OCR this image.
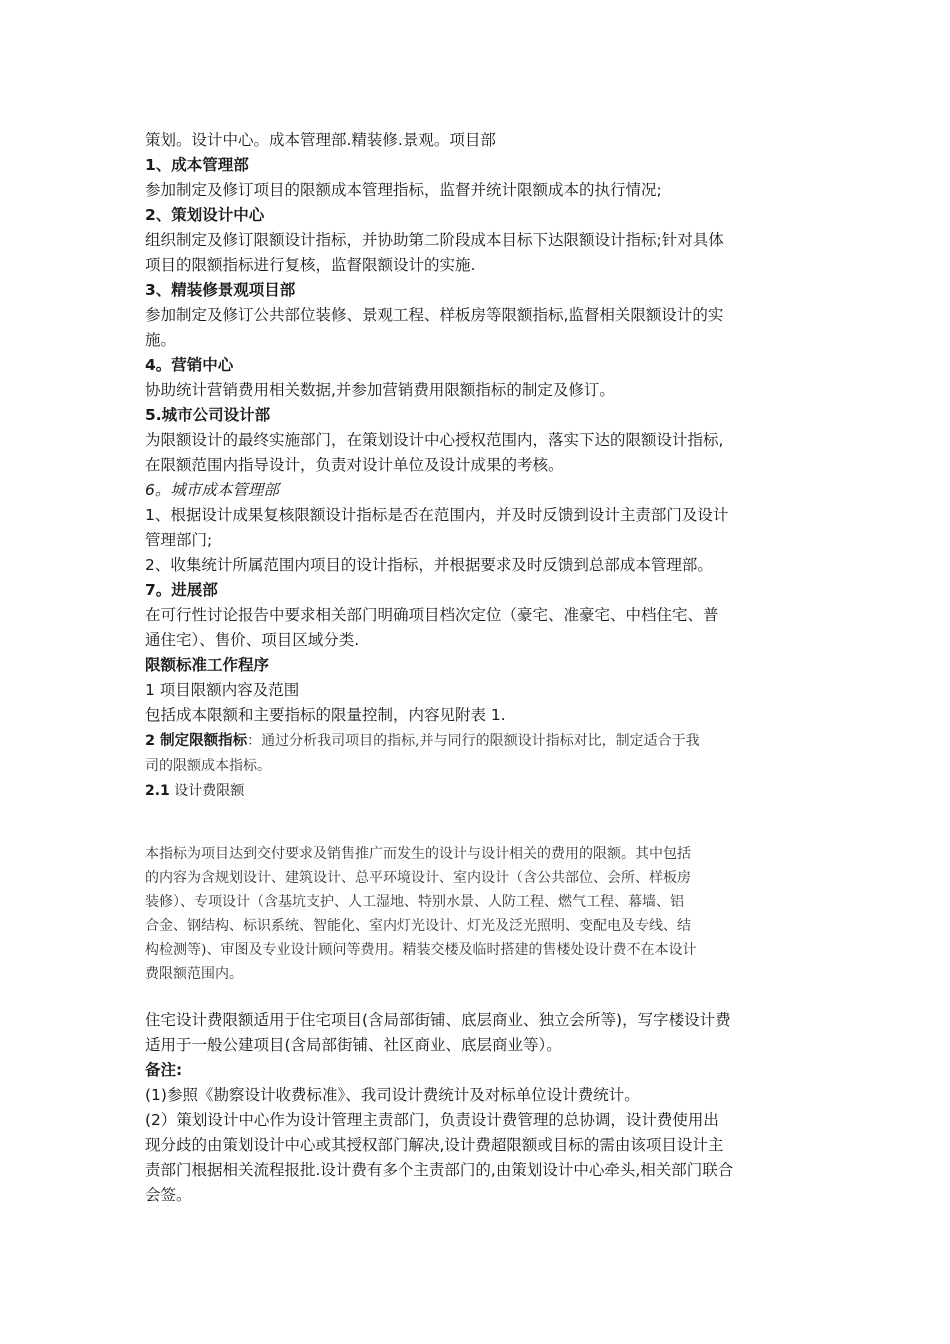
策划。设计中心。成本管理部.精装修.景观。项目部

1、成本管理部

参加制定及修订项目的限额成本管理指标，监督并统计限额成本的执行情况;

2、策划设计中心

组织制定及修订限额设计指标，并协助第二阶段成本目标下达限额设计指标;针对具体

项目的限额指标进行复核，监督限额设计的实施.

3、精装修景观项目部

参加制定及修订公共部位装修、景观工程、样板房等限额指标,监督相关限额设计的实

施。

4。营销中心

协助统计营销费用相关数据,并参加营销费用限额指标的制定及修订。

5.城市公司设计部

为限额设计的最终实施部门，在策划设计中心授权范围内，落实下达的限额设计指标,

在限额范围内指导设计，负责对设计单位及设计成果的考核。

6。城市成本管理部

1、根据设计成果复核限额设计指标是否在范围内，并及时反馈到设计主责部门及设计

管理部门;

2、收集统计所属范围内项目的设计指标，并根据要求及时反馈到总部成本管理部。

7。进展部

在可行性讨论报告中要求相关部门明确项目档次定位（豪宅、准豪宅、中档住宅、普

通住宅）、售价、项目区域分类.

限额标准工作程序

1 项目限额内容及范围

包括成本限额和主要指标的限量控制，内容见附表 1.

2 制定限额指标：通过分析我司项目的指标,并与同行的限额设计指标对比，制定适合于我

司的限额成本指标。

2.1 设计费限额

本指标为项目达到交付要求及销售推广而发生的设计与设计相关的费用的限额。其中包括

的内容为含规划设计、建筑设计、总平环境设计、室内设计（含公共部位、会所、样板房

装修）、专项设计（含基坑支护、人工湿地、特别水景、人防工程、燃气工程、幕墙、铝

合金、钢结构、标识系统、智能化、室内灯光设计、灯光及泛光照明、变配电及专线、结

构检测等)、审图及专业设计顾问等费用。精装交楼及临时搭建的售楼处设计费不在本设计

费限额范围内。

住宅设计费限额适用于住宅项目(含局部街铺、底层商业、独立会所等)，写字楼设计费

适用于一般公建项目(含局部街铺、社区商业、底层商业等）。

备注:

(1)参照《勘察设计收费标准》、我司设计费统计及对标单位设计费统计。

(2）策划设计中心作为设计管理主责部门，负责设计费管理的总协调，设计费使用出

现分歧的由策划设计中心或其授权部门解决,设计费超限额或目标的需由该项目设计主

责部门根据相关流程报批.设计费有多个主责部门的,由策划设计中心牵头,相关部门联合

会签。
